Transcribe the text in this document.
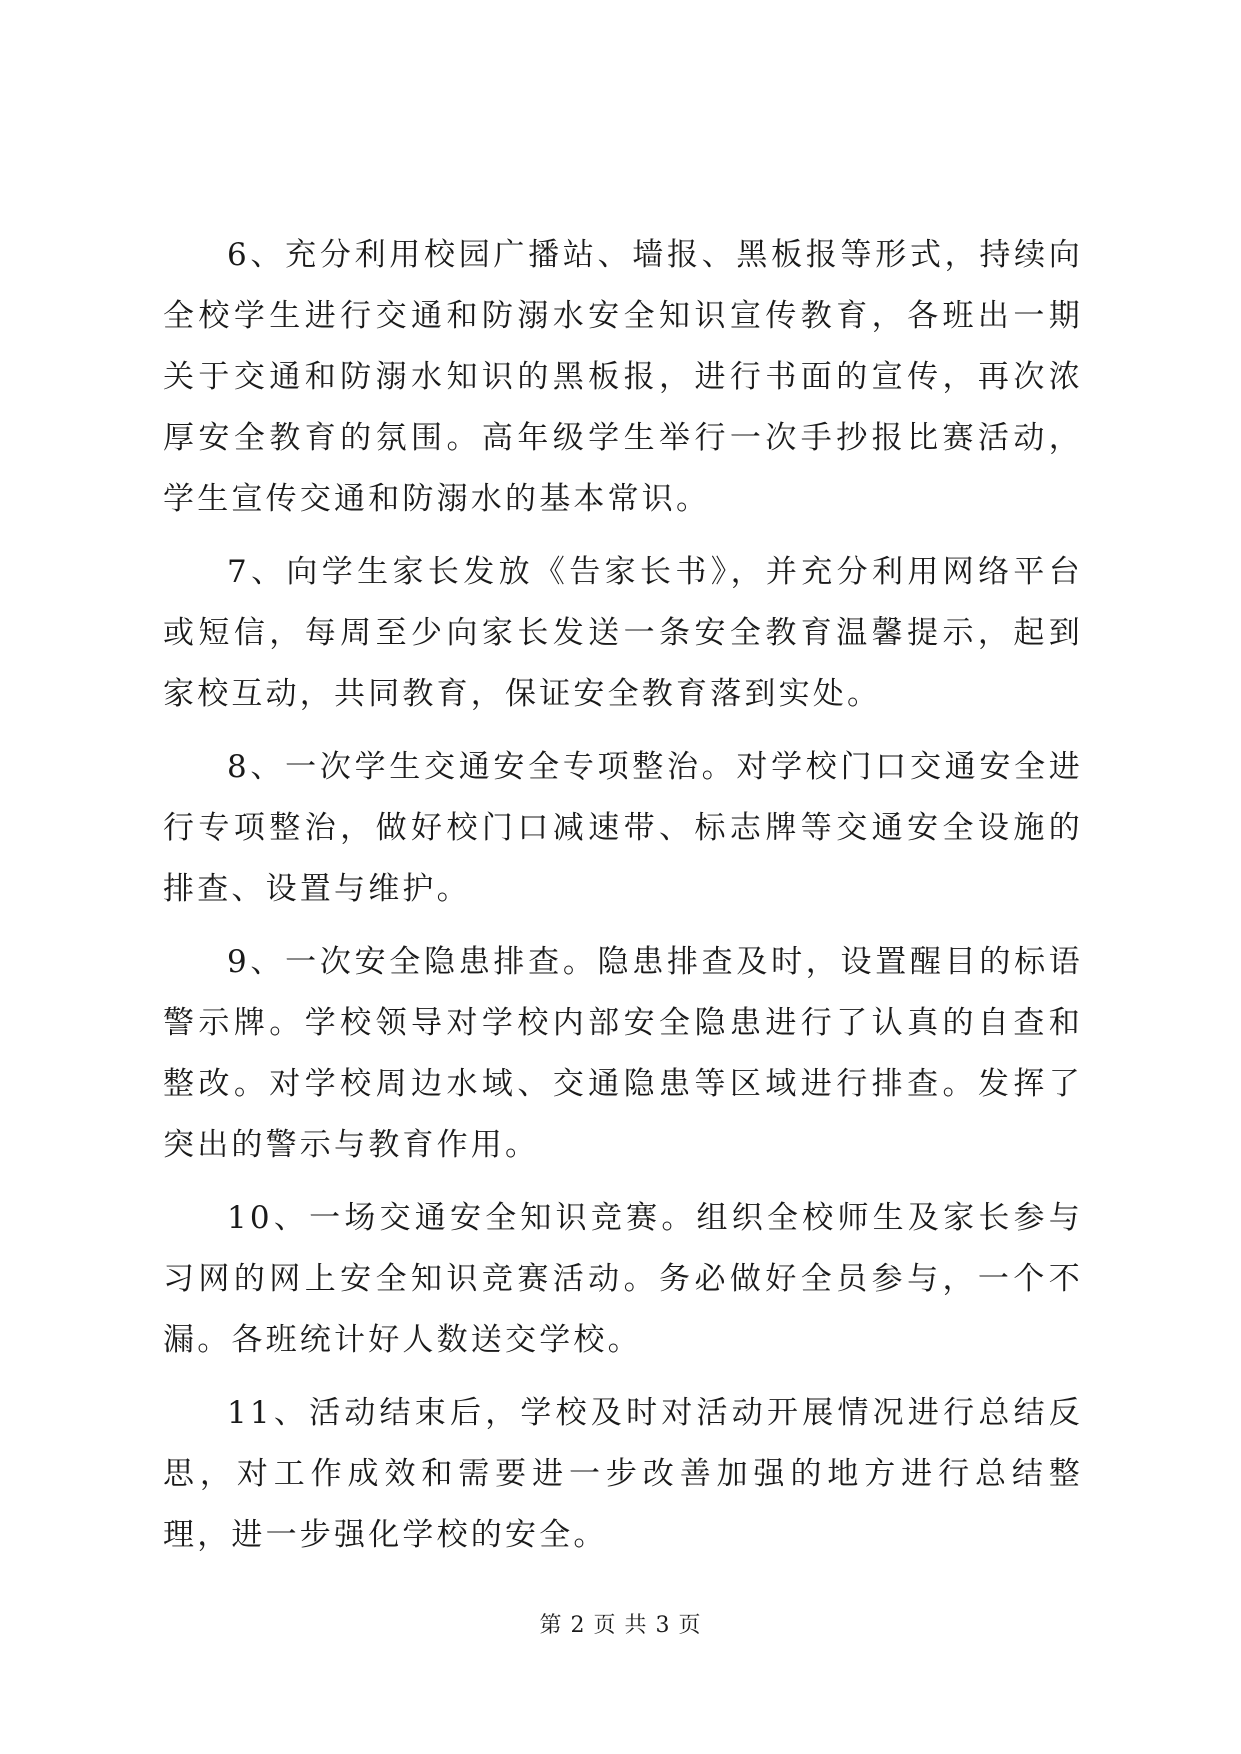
6、充分利用校园广播站、墙报、黑板报等形式，持续向全校学生进行交通和防溺水安全知识宣传教育，各班出一期关于交通和防溺水知识的黑板报，进行书面的宣传，再次浓厚安全教育的氛围。高年级学生举行一次手抄报比赛活动，学生宣传交通和防溺水的基本常识。

7、向学生家长发放《告家长书》，并充分利用网络平台或短信，每周至少向家长发送一条安全教育温馨提示，起到家校互动，共同教育，保证安全教育落到实处。

8、一次学生交通安全专项整治。对学校门口交通安全进行专项整治，做好校门口减速带、标志牌等交通安全设施的排查、设置与维护。

9、一次安全隐患排查。隐患排查及时，设置醒目的标语警示牌。学校领导对学校内部安全隐患进行了认真的自查和整改。对学校周边水域、交通隐患等区域进行排查。发挥了突出的警示与教育作用。

10、一场交通安全知识竞赛。组织全校师生及家长参与习网的网上安全知识竞赛活动。务必做好全员参与，一个不漏。各班统计好人数送交学校。

11、活动结束后，学校及时对活动开展情况进行总结反思，对工作成效和需要进一步改善加强的地方进行总结整理，进一步强化学校的安全。

第 2 页 共 3 页
